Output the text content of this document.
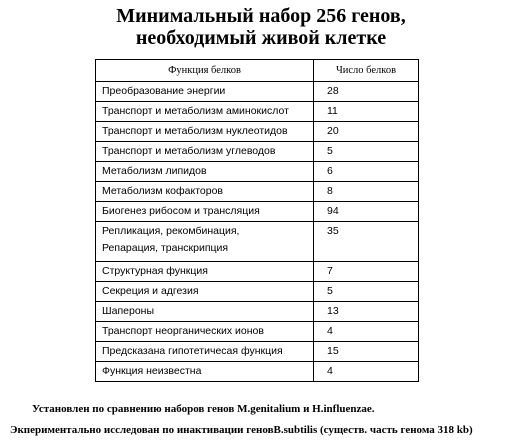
Минимальный набор 256 генов,
необходимый живой клетке
Функция белков	Число белков
Преобразование энергии	28
Транспорт и метаболизм аминокислот	11
Транспорт и метаболизм нуклеотидов	20
Транспорт и метаболизм углеводов	5
Метаболизм липидов	6
Метаболизм кофакторов	8
Биогенез рибосом и трансляция	94

Репликация, рекомбинация,
Репарация, транскрипция	35
Структурная функция	7
Секреция и адгезия	5
Шапероны	13
Транспорт неорганических ионов	4
Предсказана гипотетичесая функция	15
Функция неизвестна	4
Установлен по сравнению наборов генов M.genitalium и H.influenzae.
Экпериментально исследован по инактивации геновB.subtilis (существ. часть генома 318 kb)
